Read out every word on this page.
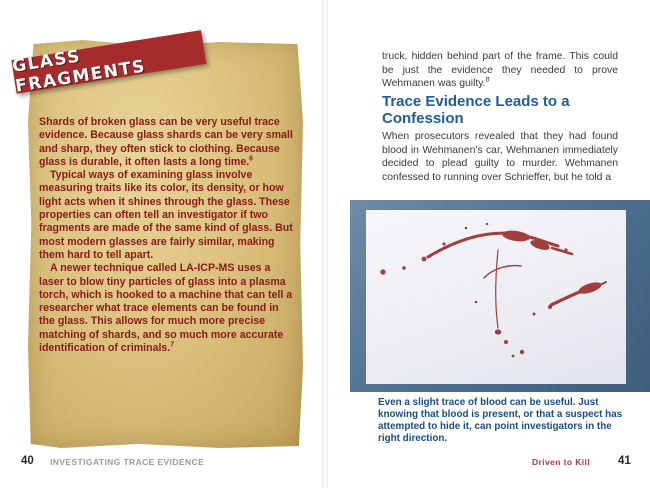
GLASS FRAGMENTS

Shards of broken glass can be very useful trace evidence. Because glass shards can be very small and sharp, they often stick to clothing. Because glass is durable, it often lasts a long time.$^6$

Typical ways of examining glass involve measuring traits like its color, its density, or how light acts when it shines through the glass. These properties can often tell an investigator if two fragments are made of the same kind of glass. But most modern glasses are fairly similar, making them hard to tell apart.

A newer technique called LA-ICP-MS uses a laser to blow tiny particles of glass into a plasma torch, which is hooked to a machine that can tell a researcher what trace elements can be found in the glass. This allows for much more precise matching of shards, and so much more accurate identification of criminals.$^7$

truck, hidden behind part of the frame. This could be just the evidence they needed to prove Wehmanen was guilty.$^8$

Trace Evidence Leads to a Confession

When prosecutors revealed that they had found blood in Wehmanen's car, Wehmanen immediately decided to plead guilty to murder. Wehmanen confessed to running over Schrieffer, but he told a

Even a slight trace of blood can be useful. Just knowing that blood is present, or that a suspect has attempted to hide it, can point investigators in the right direction.
40 INVESTIGATING TRACE EVIDENCE	Driven to Kill 41
